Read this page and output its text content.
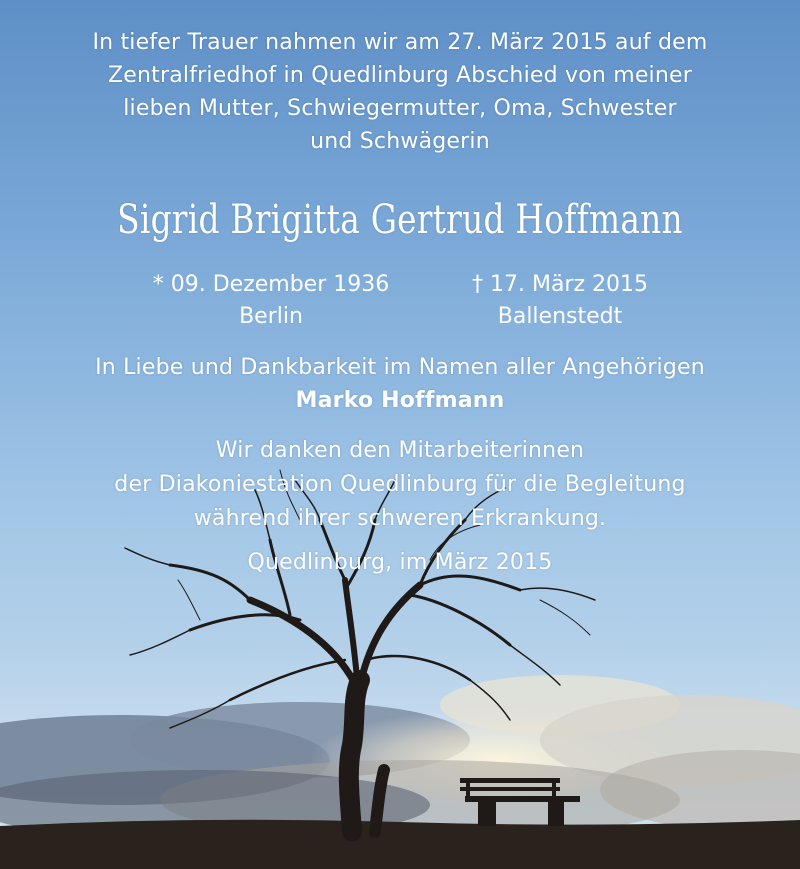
In tiefer Trauer nahmen wir am 27. März 2015 auf dem
Zentralfriedhof in Quedlinburg Abschied von meiner
lieben Mutter, Schwiegermutter, Oma, Schwester
und Schwägerin
Sigrid Brigitta Gertrud Hoffmann
* 09. Dezember 1936
Berlin
† 17. März 2015
Ballenstedt
In Liebe und Dankbarkeit im Namen aller Angehörigen
Marko Hoffmann
Wir danken den Mitarbeiterinnen
der Diakoniestation Quedlinburg für die Begleitung
während ihrer schweren Erkrankung.
Quedlinburg, im März 2015
